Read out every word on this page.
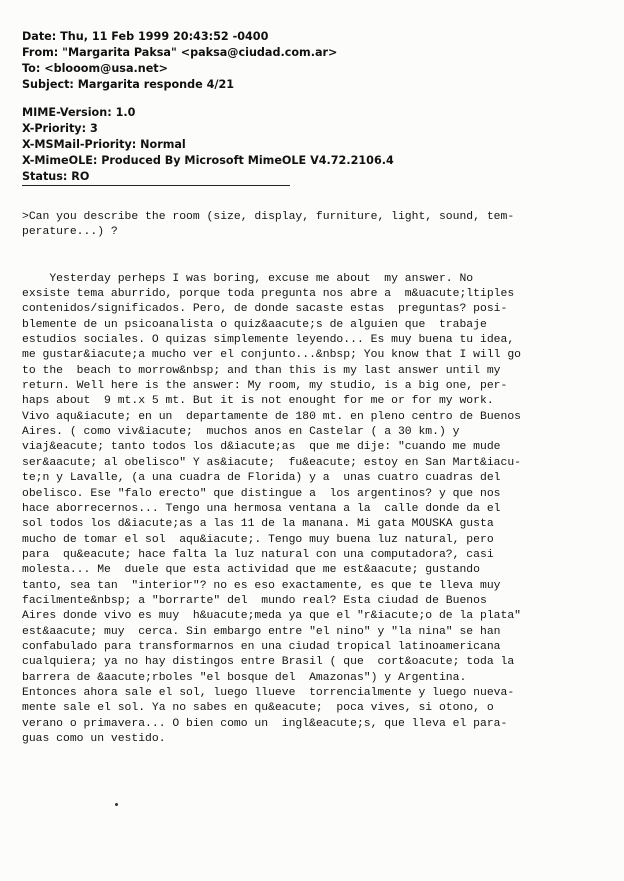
Date: Thu, 11 Feb 1999 20:43:52 -0400
From: "Margarita Paksa" <paksa@ciudad.com.ar>
To: <blooom@usa.net>
Subject: Margarita responde 4/21
MIME-Version: 1.0
X-Priority: 3
X-MSMail-Priority: Normal
X-MimeOLE: Produced By Microsoft MimeOLE V4.72.2106.4
Status: RO
>Can you describe the room (size, display, furniture, light, sound, tem-
perature...) ?
Yesterday perheps I was boring, excuse me about  my answer. No
exsiste tema aburrido, porque toda pregunta nos abre a  m&uacute;ltiples
contenidos/significados. Pero, de donde sacaste estas  preguntas? posi-
blemente de un psicoanalista o quiz&aacute;s de alguien que  trabaje
estudios sociales. O quizas simplemente leyendo... Es muy buena tu idea,
me gustar&iacute;a mucho ver el conjunto...&nbsp; You know that I will go
to the  beach to morrow&nbsp; and than this is my last answer until my
return. Well here is the answer: My room, my studio, is a big one, per-
haps about  9 mt.x 5 mt. But it is not enought for me or for my work.
Vivo aqu&iacute; en un  departamente de 180 mt. en pleno centro de Buenos
Aires. ( como viv&iacute;  muchos anos en Castelar ( a 30 km.) y
viaj&eacute; tanto todos los d&iacute;as  que me dije: "cuando me mude
ser&aacute; al obelisco" Y as&iacute;  fu&eacute; estoy en San Mart&iacu-
te;n y Lavalle, (a una cuadra de Florida) y a  unas cuatro cuadras del
obelisco. Ese "falo erecto" que distingue a  los argentinos? y que nos
hace aborrecernos... Tengo una hermosa ventana a la  calle donde da el
sol todos los d&iacute;as a las 11 de la manana. Mi gata MOUSKA gusta
mucho de tomar el sol  aqu&iacute;. Tengo muy buena luz natural, pero
para  qu&eacute; hace falta la luz natural con una computadora?, casi
molesta... Me  duele que esta actividad que me est&aacute; gustando
tanto, sea tan  "interior"? no es eso exactamente, es que te lleva muy
facilmente&nbsp; a "borrarte" del  mundo real? Esta ciudad de Buenos
Aires donde vivo es muy  h&uacute;meda ya que el "r&iacute;o de la plata"
est&aacute; muy  cerca. Sin embargo entre "el nino" y "la nina" se han
confabulado para transformarnos en una ciudad tropical latinoamericana
cualquiera; ya no hay distingos entre Brasil ( que  cort&oacute; toda la
barrera de &aacute;rboles "el bosque del  Amazonas") y Argentina.
Entonces ahora sale el sol, luego llueve  torrencialmente y luego nueva-
mente sale el sol. Ya no sabes en qu&eacute;  poca vives, si otono, o
verano o primavera... O bien como un  ingl&eacute;s, que lleva el para-
guas como un vestido.
